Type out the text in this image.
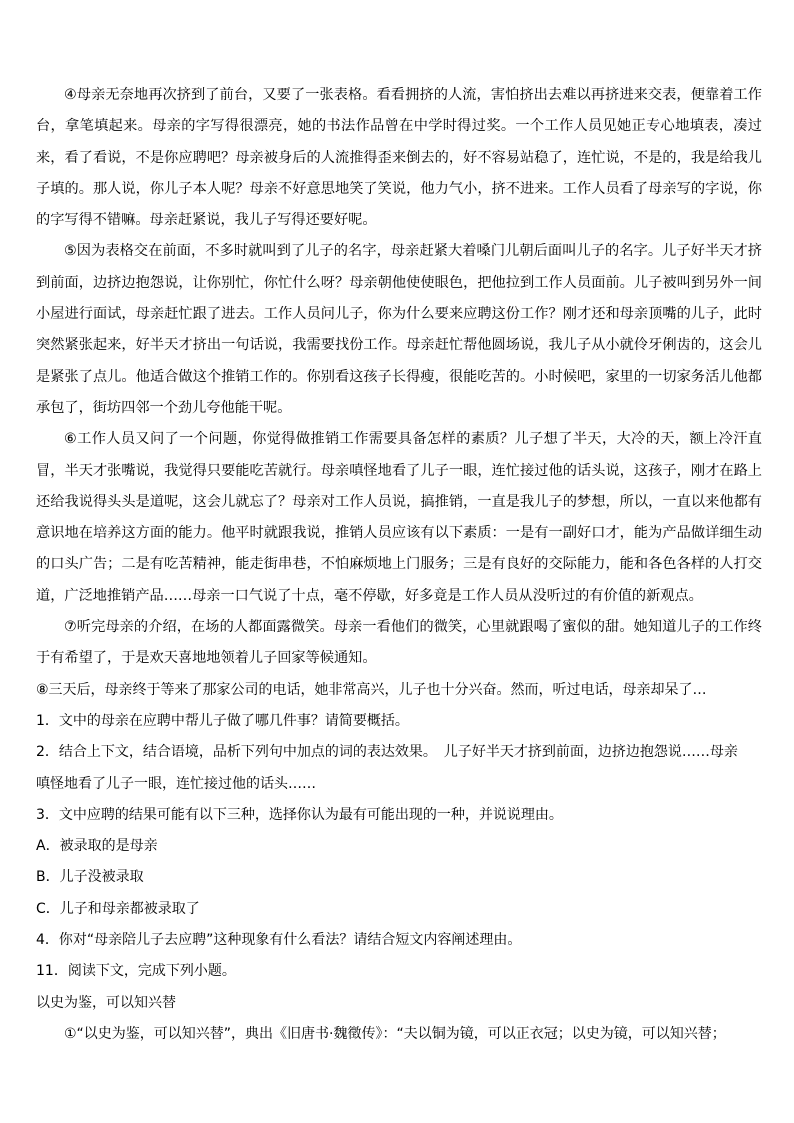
④母亲无奈地再次挤到了前台，又要了一张表格。看看拥挤的人流，害怕挤出去难以再挤进来交表，便靠着工作台，拿笔填起来。母亲的字写得很漂亮，她的书法作品曾在中学时得过奖。一个工作人员见她正专心地填表，凑过来，看了看说，不是你应聘吧？母亲被身后的人流推得歪来倒去的，好不容易站稳了，连忙说，不是的，我是给我儿子填的。那人说，你儿子本人呢？母亲不好意思地笑了笑说，他力气小，挤不进来。工作人员看了母亲写的字说，你的字写得不错嘛。母亲赶紧说，我儿子写得还要好呢。

⑤因为表格交在前面，不多时就叫到了儿子的名字，母亲赶紧大着嗓门儿朝后面叫儿子的名字。儿子好半天才挤到前面，边挤边抱怨说，让你别忙，你忙什么呀？母亲朝他使使眼色，把他拉到工作人员面前。儿子被叫到另外一间小屋进行面试，母亲赶忙跟了进去。工作人员问儿子，你为什么要来应聘这份工作？刚才还和母亲顶嘴的儿子，此时突然紧张起来，好半天才挤出一句话说，我需要找份工作。母亲赶忙帮他圆场说，我儿子从小就伶牙俐齿的，这会儿是紧张了点儿。他适合做这个推销工作的。你别看这孩子长得瘦，很能吃苦的。小时候吧，家里的一切家务活儿他都承包了，街坊四邻一个劲儿夸他能干呢。

⑥工作人员又问了一个问题，你觉得做推销工作需要具备怎样的素质？儿子想了半天，大冷的天，额上冷汗直冒，半天才张嘴说，我觉得只要能吃苦就行。母亲嗔怪地看了儿子一眼，连忙接过他的话头说，这孩子，刚才在路上还给我说得头头是道呢，这会儿就忘了？母亲对工作人员说，搞推销，一直是我儿子的梦想，所以，一直以来他都有意识地在培养这方面的能力。他平时就跟我说，推销人员应该有以下素质：一是有一副好口才，能为产品做详细生动的口头广告；二是有吃苦精神，能走街串巷，不怕麻烦地上门服务；三是有良好的交际能力，能和各色各样的人打交道，广泛地推销产品……母亲一口气说了十点，毫不停歇，好多竟是工作人员从没听过的有价值的新观点。

⑦听完母亲的介绍，在场的人都面露微笑。母亲一看他们的微笑，心里就跟喝了蜜似的甜。她知道儿子的工作终于有希望了，于是欢天喜地地领着儿子回家等候通知。

⑧三天后，母亲终于等来了那家公司的电话，她非常高兴，儿子也十分兴奋。然而，听过电话，母亲却呆了…

1．文中的母亲在应聘中帮儿子做了哪几件事？请简要概括。

2．结合上下文，结合语境，品析下列句中加点的词的表达效果。　儿子好半天才挤到前面，边挤边抱怨说……母亲

嗔怪地看了儿子一眼，连忙接过他的话头……

3．文中应聘的结果可能有以下三种，选择你认为最有可能出现的一种，并说说理由。

A．被录取的是母亲

B．儿子没被录取

C．儿子和母亲都被录取了

4．你对“母亲陪儿子去应聘”这种现象有什么看法？请结合短文内容阐述理由。

11．阅读下文，完成下列小题。

以史为鉴，可以知兴替

①“以史为鉴，可以知兴替”，典出《旧唐书·魏徵传》：“夫以铜为镜，可以正衣冠；以史为镜，可以知兴替；
